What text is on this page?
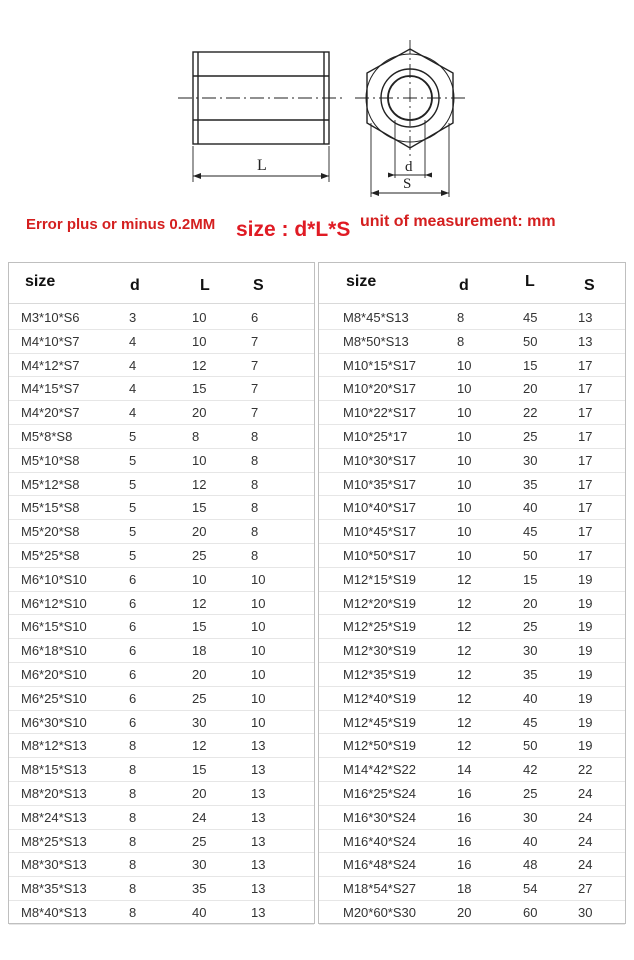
L	d
S
Error plus or minus 0.2MM size : d*L*S unit of measurement: mm
size	d	L	S
M3*10*S6	3	10	6
M4*10*S7	4	10	7
M4*12*S7	4	12	7
M4*15*S7	4	15	7
M4*20*S7	4	20	7
M5*8*S8	5	8	8
M5*10*S8	5	10	8
M5*12*S8	5	12	8
M5*15*S8	5	15	8
M5*20*S8	5	20	8
M5*25*S8	5	25	8
M6*10*S10	6	10	10
M6*12*S10	6	12	10
M6*15*S10	6	15	10
M6*18*S10	6	18	10
M6*20*S10	6	20	10
M6*25*S10	6	25	10
M6*30*S10	6	30	10
M8*12*S13	8	12	13
M8*15*S13	8	15	13
M8*20*S13	8	20	13
M8*24*S13	8	24	13
M8*25*S13	8	25	13
M8*30*S13	8	30	13
M8*35*S13	8	35	13
M8*40*S13	8	40	13
size	d	L	S
M8*45*S13	8	45	13
M8*50*S13	8	50	13
M10*15*S17	10	15	17
M10*20*S17	10	20	17
M10*22*S17	10	22	17
M10*25*17	10	25	17
M10*30*S17	10	30	17
M10*35*S17	10	35	17
M10*40*S17	10	40	17
M10*45*S17	10	45	17
M10*50*S17	10	50	17
M12*15*S19	12	15	19
M12*20*S19	12	20	19
M12*25*S19	12	25	19
M12*30*S19	12	30	19
M12*35*S19	12	35	19
M12*40*S19	12	40	19
M12*45*S19	12	45	19
M12*50*S19	12	50	19
M14*42*S22	14	42	22
M16*25*S24	16	25	24
M16*30*S24	16	30	24
M16*40*S24	16	40	24
M16*48*S24	16	48	24
M18*54*S27	18	54	27
M20*60*S30	20	60	30
